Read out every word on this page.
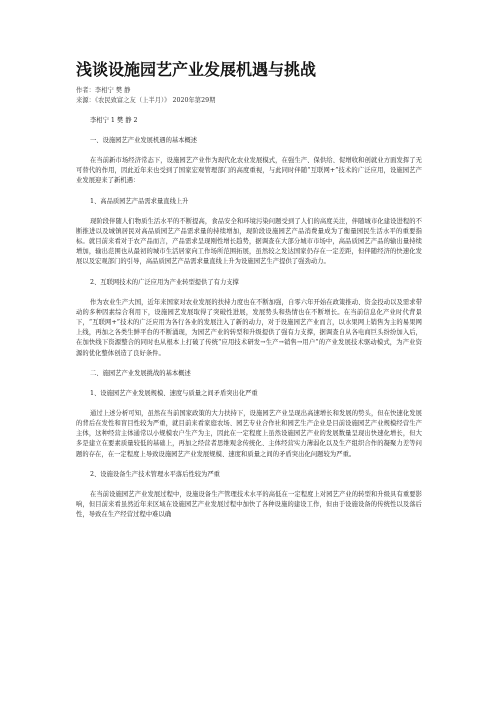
浅谈设施园艺产业发展机遇与挑战

作者：李相宁 樊 静

来源：《农民致富之友（上半月）》 2020年第29期

李相宁 1 樊 静 2

一、设施园艺产业发展机遇的基本概述

在当前新市场经济常态下，设施园艺产业作为现代化农业发展模式，在强生产、保供给、促增收和创就业方面发挥了无可替代的作用，因此近年来也受到了国家宏观管理部门的高度重视，与此同时伴随“互联网+”技术的广泛应用，设施园艺产业发展迎来了新机遇：

1、高品质园艺产品需求量直线上升

现阶段伴随人们物质生活水平的不断提高，食品安全和环境污染问题受到了人们的高度关注，伴随城市化建设进程的不断推进以及城镇居民对高品质园艺产品需求量的持续增加，现阶段设施园艺产品消费量成为了衡量园民生活水平的重要指标。就目前来看对于农产品而言，产品需求呈现刚性增长趋势，据调查在大部分城市市场中，高品质园艺产品的输出量持续增加，输出范围也从最初的城市生活居家向工作场所范围拓展，虽然较之发达国家仍存在一定差距，但伴随经济的快速化发展以及宏观部门的引导，高品质园艺产品需求量直线上升为设施园艺生产提供了强劲动力。

2、互联网技术的广泛应用为产业转型提供了有力支撑

作为农业生产大国，近年来国家对农业发展的扶持力度也在不断加强，自零六年开始在政策推动、资金投动以及需求带动的多种因素综合利用下，设施园艺发展取得了突破性进展，发展势头和热情也在不断增长。在当前信息化产业时代背景下，“互联网+”技术的广泛应用为各行各业的发展注入了新的动力，对于设施园艺产业而言，以水果网上销售为主的易果网上线，再加之各类生鲜平台的不断涌现，为园艺产业的转型和升级提供了强有力支撑，据调查自从各电商巨头纷纷加入后，在加快线下资源整合的同时也从根本上打破了传统“应用技术研发→生产→销售→用户”的产业发展技术驱动模式，为产业资源的优化整体创造了良好条件。

二、施园艺产业发展挑战的基本概述

1、设施园艺产业发展规模、速度与质量之间矛盾突出化严重

通过上述分析可知，虽然在当前国家政策的大力扶持下，设施园艺产业呈现出高速增长和发展的势头，但在快速化发展的背后在发性和盲目性较为严重，就目前来看家庭农场、园艺专业合作社和园艺生产企业是目前设施园艺产业规模经营生产主体，这种经营主体通常以小规模农户生产为主，因此在一定程度上虽然设施园艺产业的发展数量呈现出快速化增长，但大多是建立在要素质量较低的基础上，再加之经营者思维观念传统化、主体经营实力薄弱化以及生产组织合作的凝聚力差等问题的存在，在一定程度上导致设施园艺产业发展规模、速度和质量之间的矛盾突出化问题较为严重。

2、设施设备生产技术管理水平落后性较为严重

在当前设施园艺产业发展过程中，设施设备生产管理技术水平的高低在一定程度上对园艺产业的转型和升级具有重要影响，但目前来看虽然近年来区域在设施园艺产业发展过程中加快了各种设施的建设工作，但由于设施设备的传统性以及落后性，导致在生产经营过程中难以确
